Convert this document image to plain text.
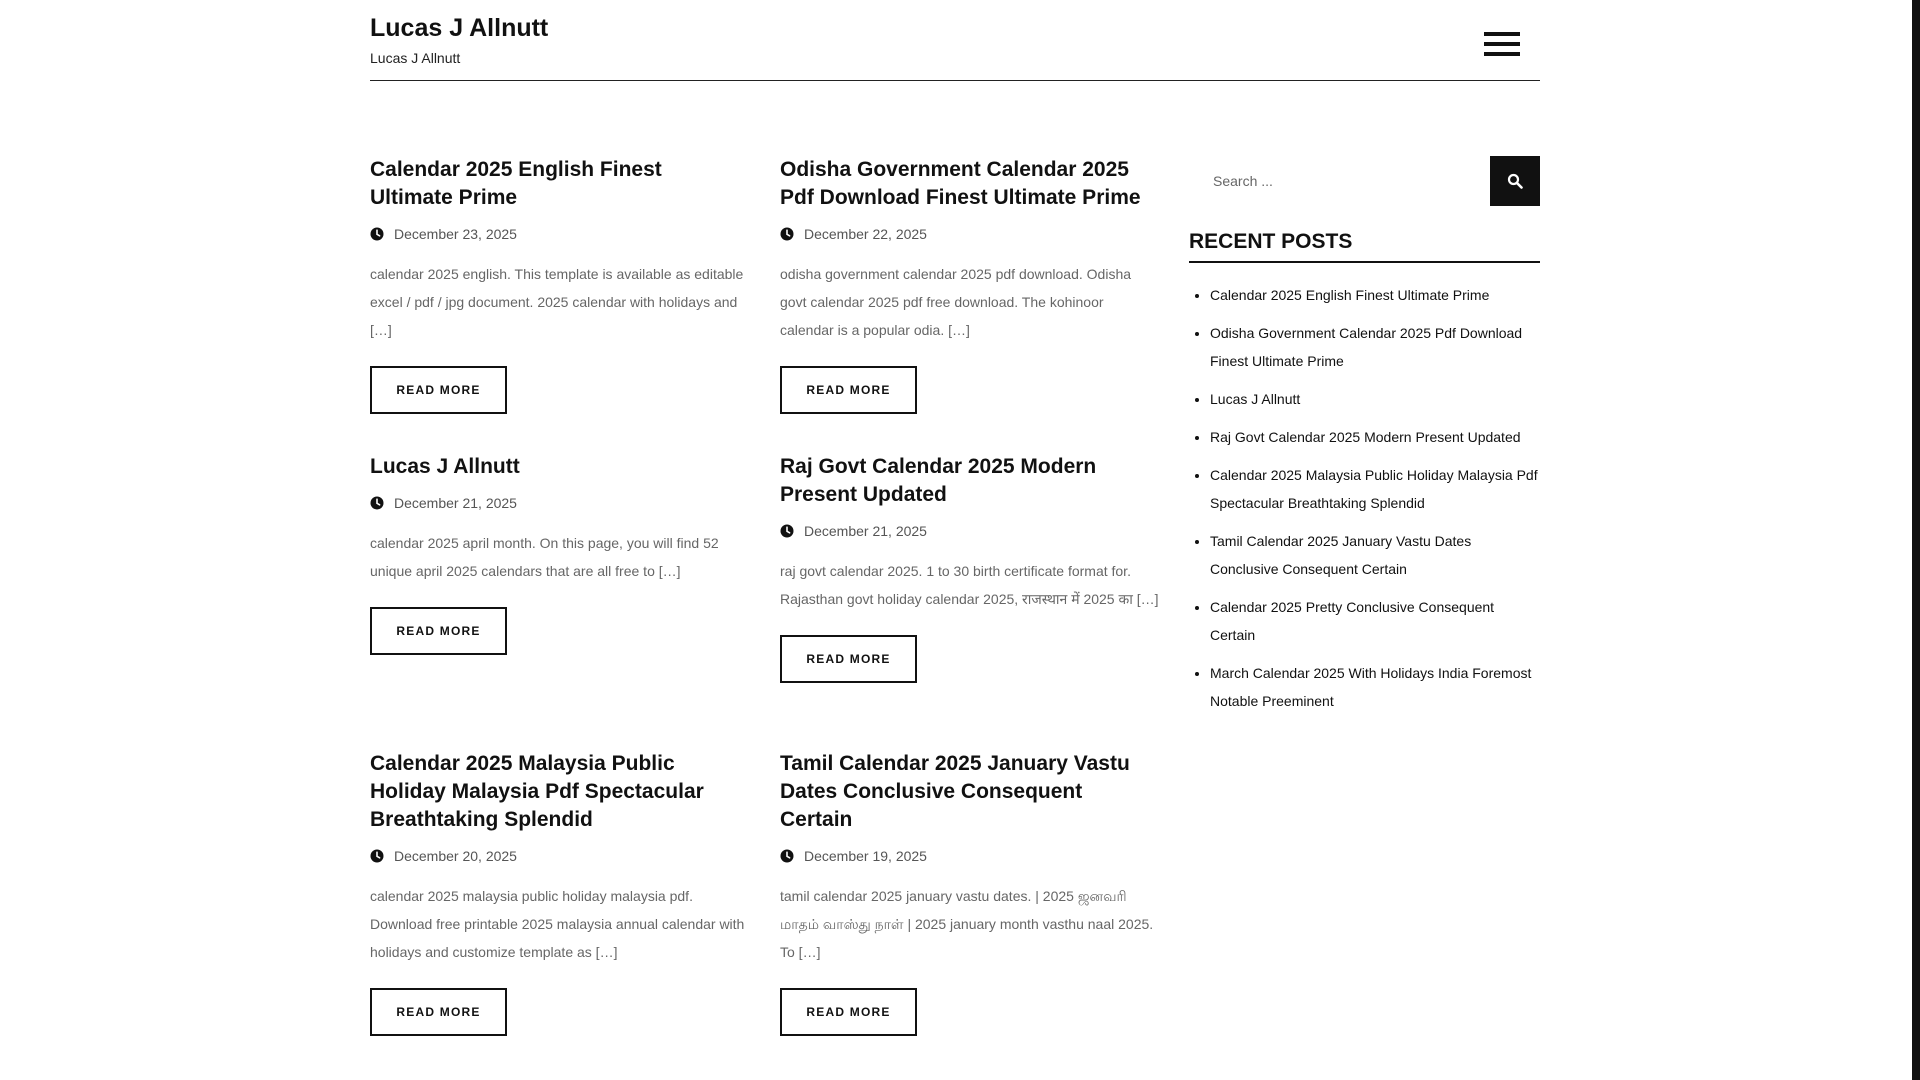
Lucas J Allnutt
Lucas J Allnutt
Calendar 2025 English Finest Ultimate Prime
December 23, 2025
calendar 2025 english. This template is available as editable excel / pdf / jpg document. 2025 calendar with holidays and […]
READ MORE
Odisha Government Calendar 2025 Pdf Download Finest Ultimate Prime
December 22, 2025
odisha government calendar 2025 pdf download. Odisha govt calendar 2025 pdf free download. The kohinoor calendar is a popular odia. […]
READ MORE
Lucas J Allnutt
December 21, 2025
calendar 2025 april month. On this page, you will find 52 unique april 2025 calendars that are all free to […]
READ MORE
Raj Govt Calendar 2025 Modern Present Updated
December 21, 2025
raj govt calendar 2025. 1 to 30 birth certificate format for. Rajasthan govt holiday calendar 2025, राजस्थान में 2025 का […]
READ MORE
Calendar 2025 Malaysia Public Holiday Malaysia Pdf Spectacular Breathtaking Splendid
December 20, 2025
calendar 2025 malaysia public holiday malaysia pdf. Download free printable 2025 malaysia annual calendar with holidays and customize template as […]
READ MORE
Tamil Calendar 2025 January Vastu Dates Conclusive Consequent Certain
December 19, 2025
tamil calendar 2025 january vastu dates. | 2025 ஜனவரி மாதம் வாஸ்து நாள் | 2025 january month vasthu naal 2025. To […]
READ MORE
Search ...
RECENT POSTS
• Calendar 2025 English Finest Ultimate Prime
• Odisha Government Calendar 2025 Pdf Download Finest Ultimate Prime
• Lucas J Allnutt
• Raj Govt Calendar 2025 Modern Present Updated
• Calendar 2025 Malaysia Public Holiday Malaysia Pdf Spectacular Breathtaking Splendid
• Tamil Calendar 2025 January Vastu Dates Conclusive Consequent Certain
• Calendar 2025 Pretty Conclusive Consequent Certain
• March Calendar 2025 With Holidays India Foremost Notable Preeminent
